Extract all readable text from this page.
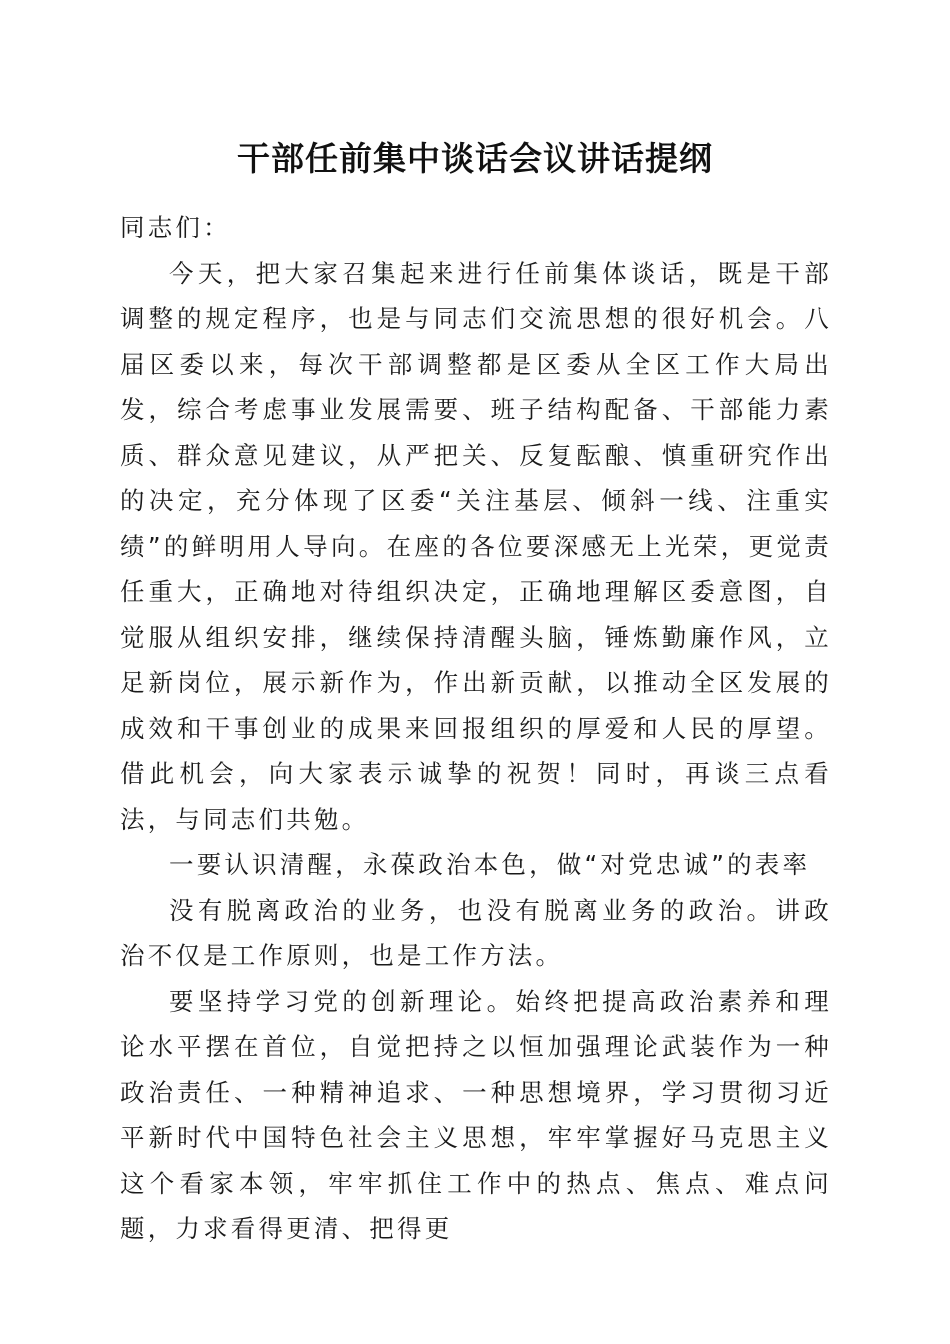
干部任前集中谈话会议讲话提纲

同志们：

今天，把大家召集起来进行任前集体谈话，既是干部调整的规定程序，也是与同志们交流思想的很好机会。八届区委以来，每次干部调整都是区委从全区工作大局出发，综合考虑事业发展需要、班子结构配备、干部能力素质、群众意见建议，从严把关、反复酝酿、慎重研究作出的决定，充分体现了区委“关注基层、倾斜一线、注重实绩”的鲜明用人导向。在座的各位要深感无上光荣，更觉责任重大，正确地对待组织决定，正确地理解区委意图，自觉服从组织安排，继续保持清醒头脑，锤炼勤廉作风，立足新岗位，展示新作为，作出新贡献，以推动全区发展的成效和干事创业的成果来回报组织的厚爱和人民的厚望。借此机会，向大家表示诚挚的祝贺！同时，再谈三点看法，与同志们共勉。

一要认识清醒，永葆政治本色，做“对党忠诚”的表率

没有脱离政治的业务，也没有脱离业务的政治。讲政治不仅是工作原则，也是工作方法。

要坚持学习党的创新理论。始终把提高政治素养和理论水平摆在首位，自觉把持之以恒加强理论武装作为一种政治责任、一种精神追求、一种思想境界，学习贯彻习近平新时代中国特色社会主义思想，牢牢掌握好马克思主义这个看家本领，牢牢抓住工作中的热点、焦点、难点问题，力求看得更清、把得更
